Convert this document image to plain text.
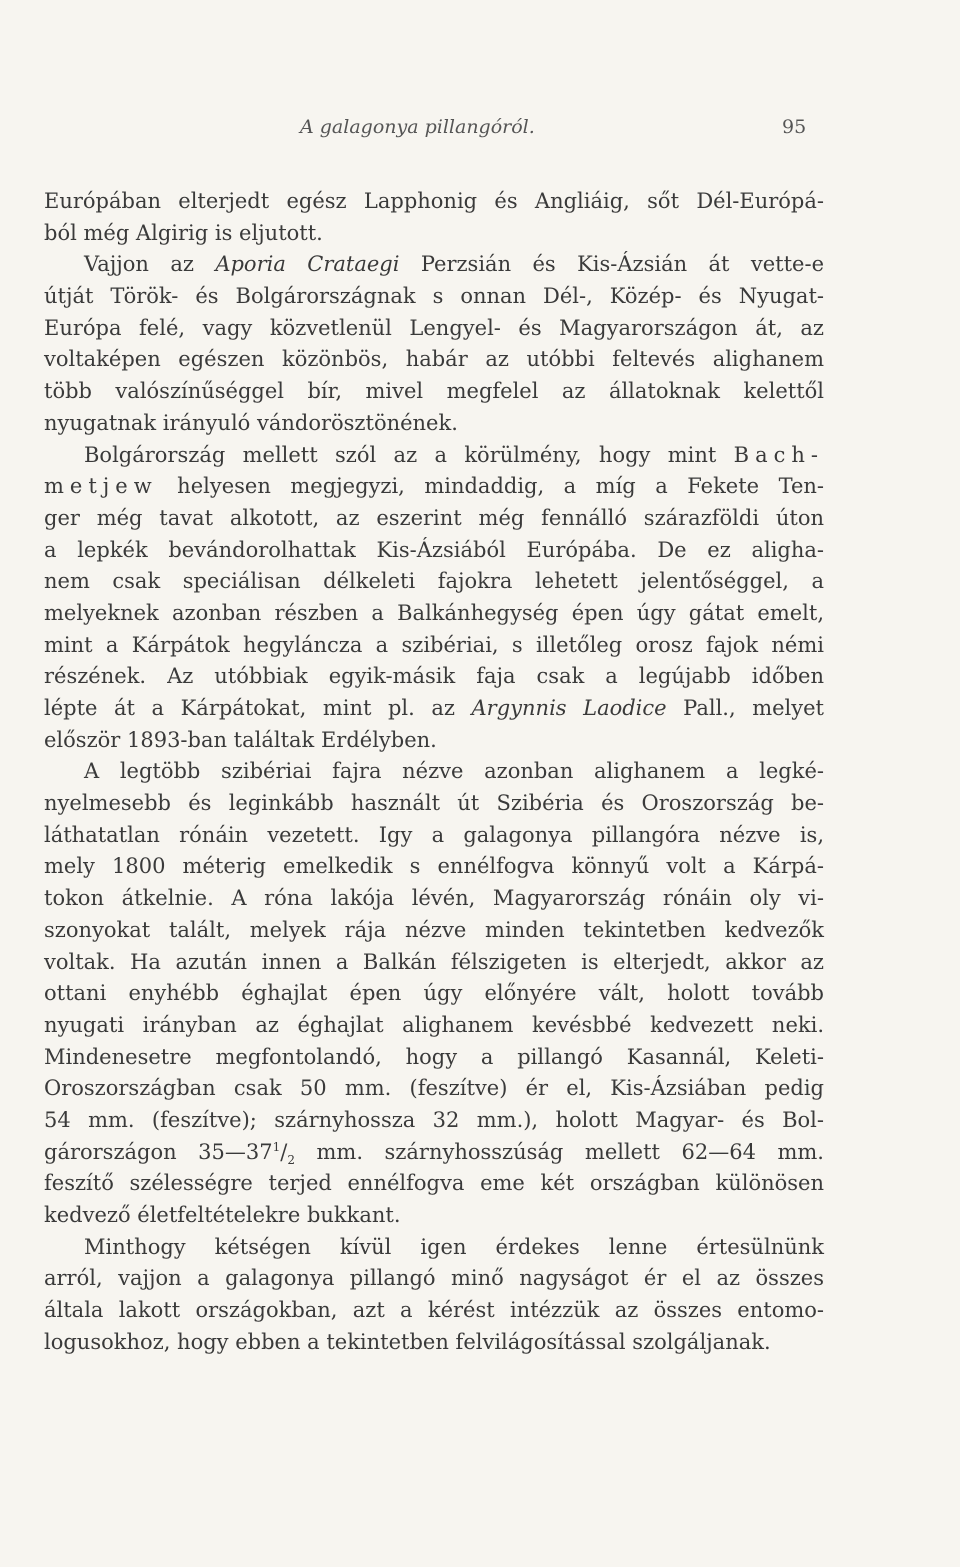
A galagonya pillangóról.	95
Európában elterjedt egész Lapphonig és Angliáig, sőt Dél-Európá-
ból még Algirig is eljutott.
Vajjon az Aporia Crataegi Perzsián és Kis-Ázsián át vette-e
útját Török- és Bolgárországnak s onnan Dél-, Közép- és Nyugat-
Európa felé, vagy közvetlenül Lengyel- és Magyarországon át, az
voltaképen egészen közönbös, habár az utóbbi feltevés alighanem
több valószínűséggel bír, mivel megfelel az állatoknak kelettől
nyugatnak irányuló vándorösztönének.
Bolgárország mellett szól az a körülmény, hogy mint Bach-
metjew helyesen megjegyzi, mindaddig, a míg a Fekete Ten-
ger még tavat alkotott, az eszerint még fennálló szárazföldi úton
a lepkék bevándorolhattak Kis-Ázsiából Európába. De ez aligha-
nem csak speciálisan délkeleti fajokra lehetett jelentőséggel, a
melyeknek azonban részben a Balkánhegység épen úgy gátat emelt,
mint a Kárpátok hegyláncza a szibériai, s illetőleg orosz fajok némi
részének. Az utóbbiak egyik-másik faja csak a legújabb időben
lépte át a Kárpátokat, mint pl. az Argynnis Laodice Pall., melyet
először 1893-ban találtak Erdélyben.
A legtöbb szibériai fajra nézve azonban alighanem a legké-
nyelmesebb és leginkább használt út Szibéria és Oroszország be-
láthatatlan rónáin vezetett. Igy a galagonya pillangóra nézve is,
mely 1800 méterig emelkedik s ennélfogva könnyű volt a Kárpá-
tokon átkelnie. A róna lakója lévén, Magyarország rónáin oly vi-
szonyokat talált, melyek rája nézve minden tekintetben kedvezők
voltak. Ha azután innen a Balkán félszigeten is elterjedt, akkor az
ottani enyhébb éghajlat épen úgy előnyére vált, holott tovább
nyugati irányban az éghajlat alighanem kevésbbé kedvezett neki.
Mindenesetre megfontolandó, hogy a pillangó Kasannál, Keleti-
Oroszországban csak 50 mm. (feszítve) ér el, Kis-Ázsiában pedig
54 mm. (feszítve); szárnyhossza 32 mm.), holott Magyar- és Bol-
gárországon $35—37^1/_2$ mm. szárnyhosszúság mellett 62—64 mm.
feszítő szélességre terjed ennélfogva eme két országban különösen
kedvező életfeltételekre bukkant.
Minthogy kétségen kívül igen érdekes lenne értesülnünk
arról, vajjon a galagonya pillangó minő nagyságot ér el az összes
általa lakott országokban, azt a kérést intézzük az összes entomo-
logusokhoz, hogy ebben a tekintetben felvilágosítással szolgáljanak.
